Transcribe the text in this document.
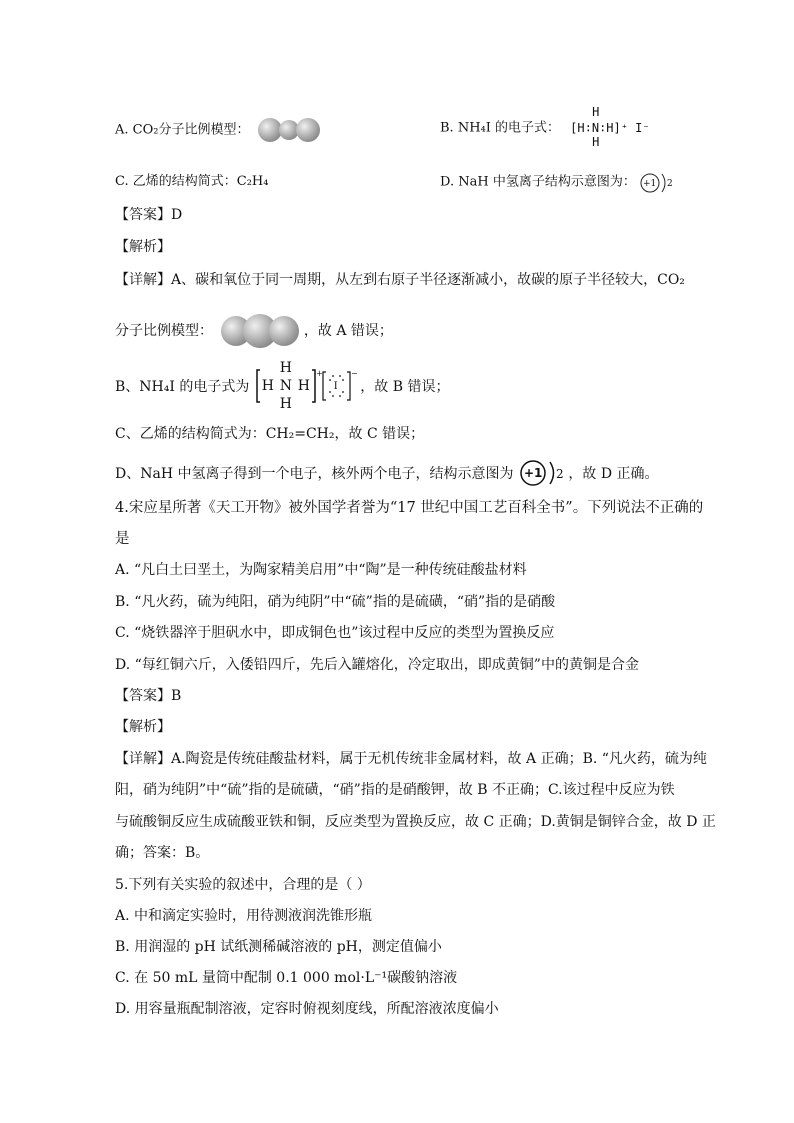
A. CO₂分子比例模型：	B. NH₄I 的电子式：
H
[H∶N∶H]⁺ I⁻
H
C. 乙烯的结构简式：C₂H₄	D. NaH 中氢离子结构示意图为： +1 2
【答案】D
【解析】
【详解】A、碳和氧位于同一周期，从左到右原子半径逐渐减小，故碳的原子半径较大，CO₂
分子比例模型：	，故 A 错误；
B、NH₄I 的电子式为
+	−
H N H
H
H
I ，故 B 错误；
C、乙烯的结构简式为：CH₂=CH₂，故 C 错误；
D、NaH 中氢离子得到一个电子，核外两个电子，结构示意图为 +1 2 ，故 D 正确。
4.宋应星所著《天工开物》被外国学者誉为“17 世纪中国工艺百科全书”。下列说法不正确的
是
A. “凡白土曰垩土，为陶家精美启用”中“陶”是一种传统硅酸盐材料
B. “凡火药，硫为纯阳，硝为纯阴”中“硫”指的是硫磺，“硝”指的是硝酸
C. “烧铁器淬于胆矾水中，即成铜色也”该过程中反应的类型为置换反应
D. “每红铜六斤，入倭铅四斤，先后入罐熔化，冷定取出，即成黄铜”中的黄铜是合金
【答案】B
【解析】
【详解】A.陶瓷是传统硅酸盐材料，属于无机传统非金属材料，故 A 正确；B. “凡火药，硫为纯
阳，硝为纯阴”中“硫”指的是硫磺，“硝”指的是硝酸钾，故 B 不正确；C.该过程中反应为铁
与硫酸铜反应生成硫酸亚铁和铜，反应类型为置换反应，故 C 正确；D.黄铜是铜锌合金，故 D 正
确；答案：B。
5.下列有关实验的叙述中，合理的是（ ）
A. 中和滴定实验时，用待测液润洗锥形瓶
B. 用润湿的 pH 试纸测稀碱溶液的 pH，测定值偏小
C. 在 50 mL 量筒中配制 0.1 000 mol·L⁻¹碳酸钠溶液
D. 用容量瓶配制溶液，定容时俯视刻度线，所配溶液浓度偏小
